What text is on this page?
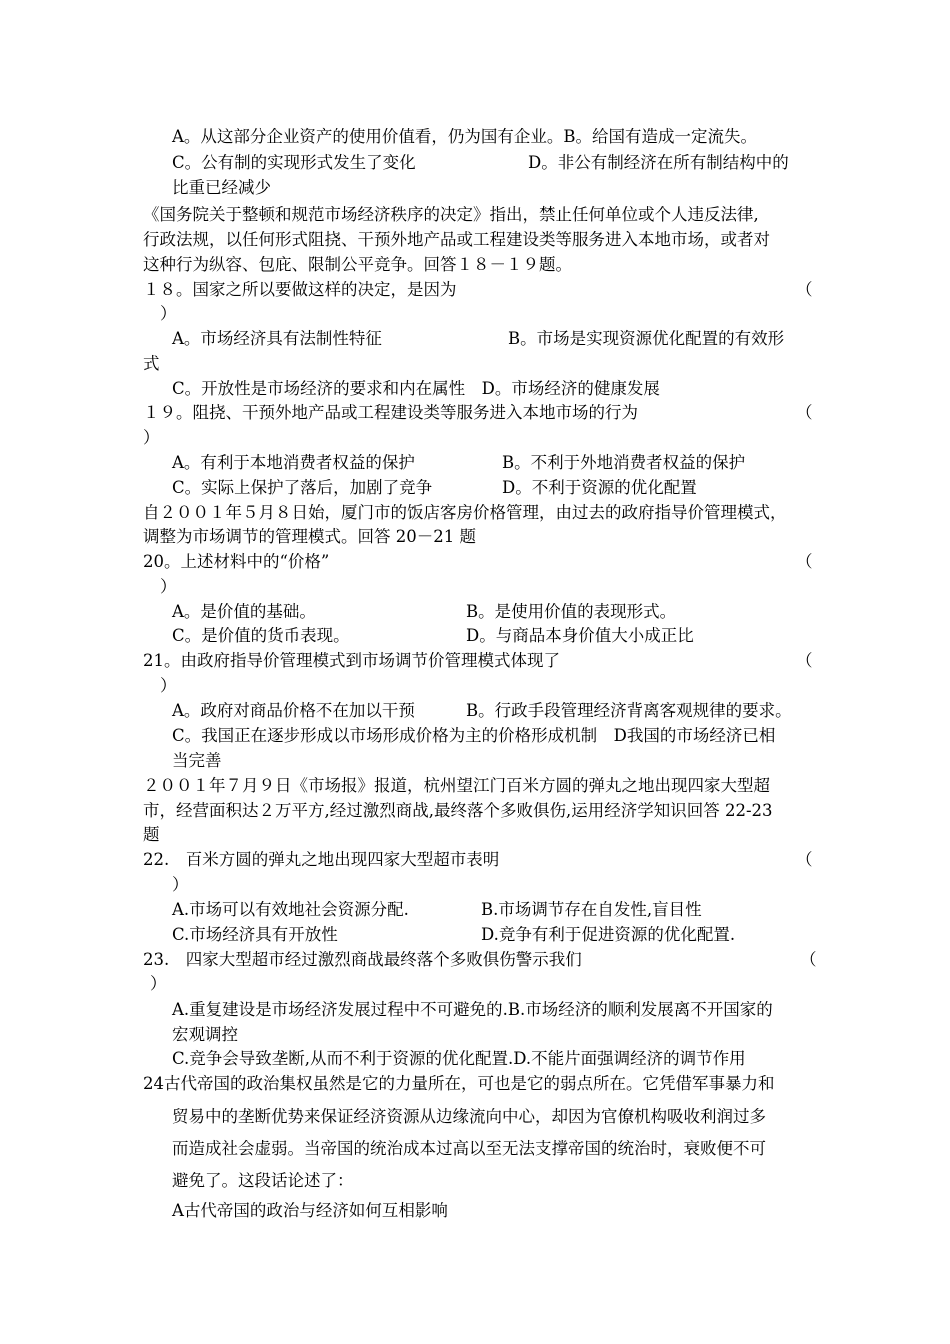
A。从这部分企业资产的使用价值看，仍为国有企业。B。给国有造成一定流失。
C。公有制的实现形式发生了变化	D。非公有制经济在所有制结构中的
比重已经减少
《国务院关于整顿和规范市场经济秩序的决定》指出，禁止任何单位或个人违反法律,
行政法规，以任何形式阻挠、干预外地产品或工程建设类等服务进入本地市场，或者对
这种行为纵容、包庇、限制公平竞争。回答１８－１９题。
１８。国家之所以要做这样的决定，是因为	（
）
A。市场经济具有法制性特征	B。市场是实现资源优化配置的有效形
式
C。开放性是市场经济的要求和内在属性　D。市场经济的健康发展
１９。阻挠、干预外地产品或工程建设类等服务进入本地市场的行为	（
）
A。有利于本地消费者权益的保护	B。不利于外地消费者权益的保护
C。实际上保护了落后，加剧了竞争	D。不利于资源的优化配置
自２００１年５月８日始，厦门市的饭店客房价格管理，由过去的政府指导价管理模式，
调整为市场调节的管理模式。回答 20－21 题
20。上述材料中的“价格”	（
）
A。是价值的基础。	B。是使用价值的表现形式。
C。是价值的货币表现。	D。与商品本身价值大小成正比
21。由政府指导价管理模式到市场调节价管理模式体现了	（
）
A。政府对商品价格不在加以干预	B。行政手段管理经济背离客观规律的要求。
C。我国正在逐步形成以市场形成价格为主的价格形成机制　D我国的市场经济已相
当完善
２００１年７月９日《市场报》报道，杭州望江门百米方圆的弹丸之地出现四家大型超
市，经营面积达２万平方,经过激烈商战,最终落个多败俱伤,运用经济学知识回答 22-23
题
22.　百米方圆的弹丸之地出现四家大型超市表明	（
）
A.市场可以有效地社会资源分配.	B.市场调节存在自发性,盲目性
C.市场经济具有开放性	D.竞争有利于促进资源的优化配置.
23.　四家大型超市经过激烈商战最终落个多败俱伤警示我们	（
）
A.重复建设是市场经济发展过程中不可避免的.B.市场经济的顺利发展离不开国家的
宏观调控
C.竞争会导致垄断,从而不利于资源的优化配置.D.不能片面强调经济的调节作用
24古代帝国的政治集权虽然是它的力量所在，可也是它的弱点所在。它凭借军事暴力和
贸易中的垄断优势来保证经济资源从边缘流向中心，却因为官僚机构吸收利润过多
而造成社会虚弱。当帝国的统治成本过高以至无法支撑帝国的统治时，衰败便不可
避免了。这段话论述了：
A古代帝国的政治与经济如何互相影响
